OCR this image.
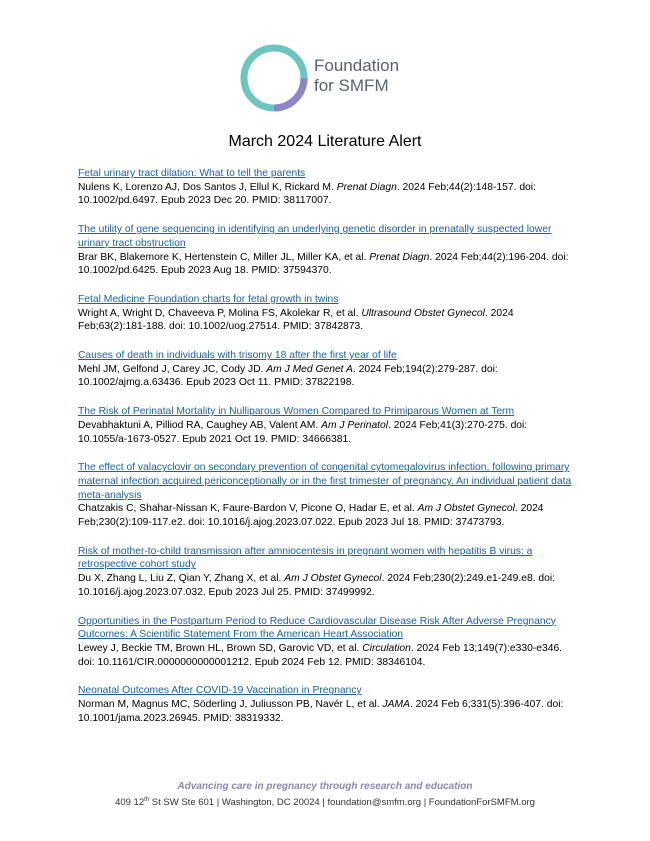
Foundation
for SMFM
March 2024 Literature Alert
Fetal urinary tract dilation: What to tell the parents
Nulens K, Lorenzo AJ, Dos Santos J, Ellul K, Rickard M. Prenat Diagn. 2024 Feb;44(2):148-157. doi: 10.1002/pd.6497. Epub 2023 Dec 20. PMID: 38117007.
The utility of gene sequencing in identifying an underlying genetic disorder in prenatally suspected lower urinary tract obstruction
Brar BK, Blakemore K, Hertenstein C, Miller JL, Miller KA, et al. Prenat Diagn. 2024 Feb;44(2):196-204. doi: 10.1002/pd.6425. Epub 2023 Aug 18. PMID: 37594370.
Fetal Medicine Foundation charts for fetal growth in twins
Wright A, Wright D, Chaveeva P, Molina FS, Akolekar R, et al. Ultrasound Obstet Gynecol. 2024 Feb;63(2):181-188. doi: 10.1002/uog.27514. PMID: 37842873.
Causes of death in individuals with trisomy 18 after the first year of life
Mehl JM, Gelfond J, Carey JC, Cody JD. Am J Med Genet A. 2024 Feb;194(2):279-287. doi: 10.1002/ajmg.a.63436. Epub 2023 Oct 11. PMID: 37822198.
The Risk of Perinatal Mortality in Nulliparous Women Compared to Primiparous Women at Term
Devabhaktuni A, Pilliod RA, Caughey AB, Valent AM. Am J Perinatol. 2024 Feb;41(3):270-275. doi: 10.1055/a-1673-0527. Epub 2021 Oct 19. PMID: 34666381.
The effect of valacyclovir on secondary prevention of congenital cytomegalovirus infection, following primary maternal infection acquired periconceptionally or in the first trimester of pregnancy. An individual patient data meta-analysis
Chatzakis C, Shahar-Nissan K, Faure-Bardon V, Picone O, Hadar E, et al. Am J Obstet Gynecol. 2024 Feb;230(2):109-117.e2. doi: 10.1016/j.ajog.2023.07.022. Epub 2023 Jul 18. PMID: 37473793.
Risk of mother-to-child transmission after amniocentesis in pregnant women with hepatitis B virus: a retrospective cohort study
Du X, Zhang L, Liu Z, Qian Y, Zhang X, et al. Am J Obstet Gynecol. 2024 Feb;230(2):249.e1-249.e8. doi: 10.1016/j.ajog.2023.07.032. Epub 2023 Jul 25. PMID: 37499992.
Opportunities in the Postpartum Period to Reduce Cardiovascular Disease Risk After Adverse Pregnancy Outcomes: A Scientific Statement From the American Heart Association
Lewey J, Beckie TM, Brown HL, Brown SD, Garovic VD, et al. Circulation. 2024 Feb 13;149(7):e330-e346. doi: 10.1161/CIR.0000000000001212. Epub 2024 Feb 12. PMID: 38346104.
Neonatal Outcomes After COVID-19 Vaccination in Pregnancy
Norman M, Magnus MC, Söderling J, Juliusson PB, Navér L, et al. JAMA. 2024 Feb 6;331(5):396-407. doi: 10.1001/jama.2023.26945. PMID: 38319332.
Advancing care in pregnancy through research and education
409 12th St SW Ste 601 | Washington, DC 20024 | foundation@smfm.org | FoundationForSMFM.org
